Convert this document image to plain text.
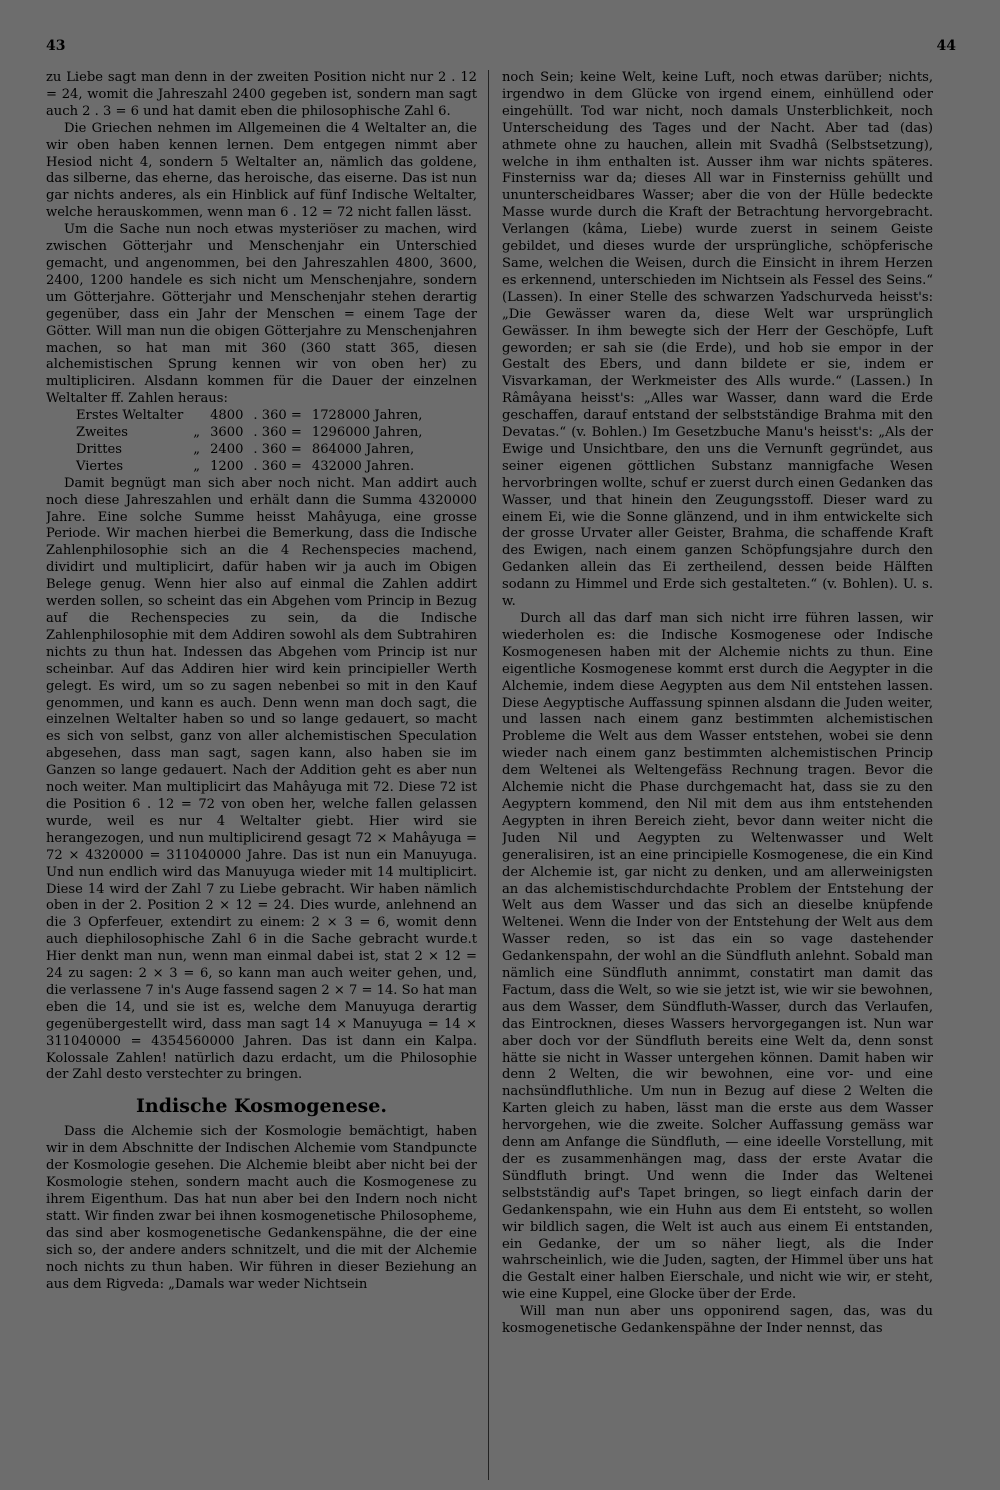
43	44

zu Liebe sagt man denn in der zweiten Position nicht nur 2 . 12 = 24, womit die Jahreszahl 2400 gegeben ist, sondern man sagt auch 2 . 3 = 6 und hat damit eben die philosophische Zahl 6.

Die Griechen nehmen im Allgemeinen die 4 Weltalter an, die wir oben haben kennen lernen. Dem entgegen nimmt aber Hesiod nicht 4, sondern 5 Weltalter an, nämlich das goldene, das silberne, das eherne, das heroische, das eiserne. Das ist nun gar nichts anderes, als ein Hinblick auf fünf Indische Weltalter, welche herauskommen, wenn man 6 . 12 = 72 nicht fallen lässt.

Um die Sache nun noch etwas mysteriöser zu machen, wird zwischen Götterjahr und Menschenjahr ein Unterschied gemacht, und angenommen, bei den Jahreszahlen 4800, 3600, 2400, 1200 handele es sich nicht um Menschenjahre, sondern um Götterjahre. Götterjahr und Menschenjahr stehen derartig gegenüber, dass ein Jahr der Menschen = einem Tage der Götter. Will man nun die obigen Götterjahre zu Menschenjahren machen, so hat man mit 360 (360 statt 365, diesen alchemistischen Sprung kennen wir von oben her) zu multipliciren. Alsdann kommen für die Dauer der einzelnen Weltalter ff. Zahlen heraus:

Erstes Weltalter		4800	. 360 =	1728000 Jahren,
Zweites	„	3600	. 360 =	1296000 Jahren,
Drittes	„	2400	. 360 =	864000 Jahren,
Viertes	„	1200	. 360 =	432000 Jahren.

Damit begnügt man sich aber noch nicht. Man addirt auch noch diese Jahreszahlen und erhält dann die Summa 4320000 Jahre. Eine solche Summe heisst Mahâyuga, eine grosse Periode. Wir machen hierbei die Bemerkung, dass die Indische Zahlenphilosophie sich an die 4 Rechenspecies machend, dividirt und multiplicirt, dafür haben wir ja auch im Obigen Belege genug. Wenn hier also auf einmal die Zahlen addirt werden sollen, so scheint das ein Abgehen vom Princip in Bezug auf die Rechenspecies zu sein, da die Indische Zahlenphilosophie mit dem Addiren sowohl als dem Subtrahiren nichts zu thun hat. Indessen das Abgehen vom Princip ist nur scheinbar. Auf das Addiren hier wird kein principieller Werth gelegt. Es wird, um so zu sagen nebenbei so mit in den Kauf genommen, und kann es auch. Denn wenn man doch sagt, die einzelnen Weltalter haben so und so lange gedauert, so macht es sich von selbst, ganz von aller alchemistischen Speculation abgesehen, dass man sagt, sagen kann, also haben sie im Ganzen so lange gedauert. Nach der Addition geht es aber nun noch weiter. Man multiplicirt das Mahâyuga mit 72. Diese 72 ist die Position 6 . 12 = 72 von oben her, welche fallen gelassen wurde, weil es nur 4 Weltalter giebt. Hier wird sie herangezogen, und nun multiplicirend gesagt 72 × Mahâyuga = 72 × 4320000 = 311040000 Jahre. Das ist nun ein Manuyuga. Und nun endlich wird das Manuyuga wieder mit 14 multiplicirt. Diese 14 wird der Zahl 7 zu Liebe gebracht. Wir haben nämlich oben in der 2. Position 2 × 12 = 24. Dies wurde, anlehnend an die 3 Opferfeuer, extendirt zu einem: 2 × 3 = 6, womit denn auch diephilosophische Zahl 6 in die Sache gebracht wurde.t Hier denkt man nun, wenn man einmal dabei ist, stat 2 × 12 = 24 zu sagen: 2 × 3 = 6, so kann man auch weiter gehen, und, die verlassene 7 in's Auge fassend sagen 2 × 7 = 14. So hat man eben die 14, und sie ist es, welche dem Manuyuga derartig gegenübergestellt wird, dass man sagt 14 × Manuyuga = 14 × 311040000 = 4354560000 Jahren. Das ist dann ein Kalpa. Kolossale Zahlen! natürlich dazu erdacht, um die Philosophie der Zahl desto verstechter zu bringen.

Indische Kosmogenese.

Dass die Alchemie sich der Kosmologie bemächtigt, haben wir in dem Abschnitte der Indischen Alchemie vom Standpuncte der Kosmologie gesehen. Die Alchemie bleibt aber nicht bei der Kosmologie stehen, sondern macht auch die Kosmogenese zu ihrem Eigenthum. Das hat nun aber bei den Indern noch nicht statt. Wir finden zwar bei ihnen kosmogenetische Philosopheme, das sind aber kosmogenetische Gedankenspähne, die der eine sich so, der andere anders schnitzelt, und die mit der Alchemie noch nichts zu thun haben. Wir führen in dieser Beziehung an aus dem Rigveda: „Damals war weder Nichtsein

noch Sein; keine Welt, keine Luft, noch etwas darüber; nichts, irgendwo in dem Glücke von irgend einem, einhüllend oder eingehüllt. Tod war nicht, noch damals Unsterblichkeit, noch Unterscheidung des Tages und der Nacht. Aber tad (das) athmete ohne zu hauchen, allein mit Svadhâ (Selbstsetzung), welche in ihm enthalten ist. Ausser ihm war nichts späteres. Finsterniss war da; dieses All war in Finsterniss gehüllt und ununterscheidbares Wasser; aber die von der Hülle bedeckte Masse wurde durch die Kraft der Betrachtung hervorgebracht. Verlangen (kâma, Liebe) wurde zuerst in seinem Geiste gebildet, und dieses wurde der ursprüngliche, schöpferische Same, welchen die Weisen, durch die Einsicht in ihrem Herzen es erkennend, unterschieden im Nichtsein als Fessel des Seins.“ (Lassen). In einer Stelle des schwarzen Yadschurveda heisst's: „Die Gewässer waren da, diese Welt war ursprünglich Gewässer. In ihm bewegte sich der Herr der Geschöpfe, Luft geworden; er sah sie (die Erde), und hob sie empor in der Gestalt des Ebers, und dann bildete er sie, indem er Visvarkaman, der Werkmeister des Alls wurde.“ (Lassen.) In Râmâyana heisst's: „Alles war Wasser, dann ward die Erde geschaffen, darauf entstand der selbstständige Brahma mit den Devatas.“ (v. Bohlen.) Im Gesetzbuche Manu's heisst's: „Als der Ewige und Unsichtbare, den uns die Vernunft gegründet, aus seiner eigenen göttlichen Substanz mannigfache Wesen hervorbringen wollte, schuf er zuerst durch einen Gedanken das Wasser, und that hinein den Zeugungsstoff. Dieser ward zu einem Ei, wie die Sonne glänzend, und in ihm entwickelte sich der grosse Urvater aller Geister, Brahma, die schaffende Kraft des Ewigen, nach einem ganzen Schöpfungsjahre durch den Gedanken allein das Ei zertheilend, dessen beide Hälften sodann zu Himmel und Erde sich gestalteten.“ (v. Bohlen). U. s. w.

Durch all das darf man sich nicht irre führen lassen, wir wiederholen es: die Indische Kosmogenese oder Indische Kosmogenesen haben mit der Alchemie nichts zu thun. Eine eigentliche Kosmogenese kommt erst durch die Aegypter in die Alchemie, indem diese Aegypten aus dem Nil entstehen lassen. Diese Aegyptische Auffassung spinnen alsdann die Juden weiter, und lassen nach einem ganz bestimmten alchemistischen Probleme die Welt aus dem Wasser entstehen, wobei sie denn wieder nach einem ganz bestimmten alchemistischen Princip dem Weltenei als Weltengefäss Rechnung tragen. Bevor die Alchemie nicht die Phase durchgemacht hat, dass sie zu den Aegyptern kommend, den Nil mit dem aus ihm entstehenden Aegypten in ihren Bereich zieht, bevor dann weiter nicht die Juden Nil und Aegypten zu Weltenwasser und Welt generalisiren, ist an eine principielle Kosmogenese, die ein Kind der Alchemie ist, gar nicht zu denken, und am allerweinigsten an das alchemistischdurchdachte Problem der Entstehung der Welt aus dem Wasser und das sich an dieselbe knüpfende Weltenei. Wenn die Inder von der Entstehung der Welt aus dem Wasser reden, so ist das ein so vage dastehender Gedankenspahn, der wohl an die Sündfluth anlehnt. Sobald man nämlich eine Sündfluth annimmt, constatirt man damit das Factum, dass die Welt, so wie sie jetzt ist, wie wir sie bewohnen, aus dem Wasser, dem Sündfluth-Wasser, durch das Verlaufen, das Eintrocknen, dieses Wassers hervorgegangen ist. Nun war aber doch vor der Sündfluth bereits eine Welt da, denn sonst hätte sie nicht in Wasser untergehen können. Damit haben wir denn 2 Welten, die wir bewohnen, eine vor- und eine nachsündfluthliche. Um nun in Bezug auf diese 2 Welten die Karten gleich zu haben, lässt man die erste aus dem Wasser hervorgehen, wie die zweite. Solcher Auffassung gemäss war denn am Anfange die Sündfluth, — eine ideelle Vorstellung, mit der es zusammenhängen mag, dass der erste Avatar die Sündfluth bringt. Und wenn die Inder das Weltenei selbstständig auf's Tapet bringen, so liegt einfach darin der Gedankenspahn, wie ein Huhn aus dem Ei entsteht, so wollen wir bildlich sagen, die Welt ist auch aus einem Ei entstanden, ein Gedanke, der um so näher liegt, als die Inder wahrscheinlich, wie die Juden, sagten, der Himmel über uns hat die Gestalt einer halben Eierschale, und nicht wie wir, er steht, wie eine Kuppel, eine Glocke über der Erde.

Will man nun aber uns opponirend sagen, das, was du kosmogenetische Gedankenspähne der Inder nennst, das
